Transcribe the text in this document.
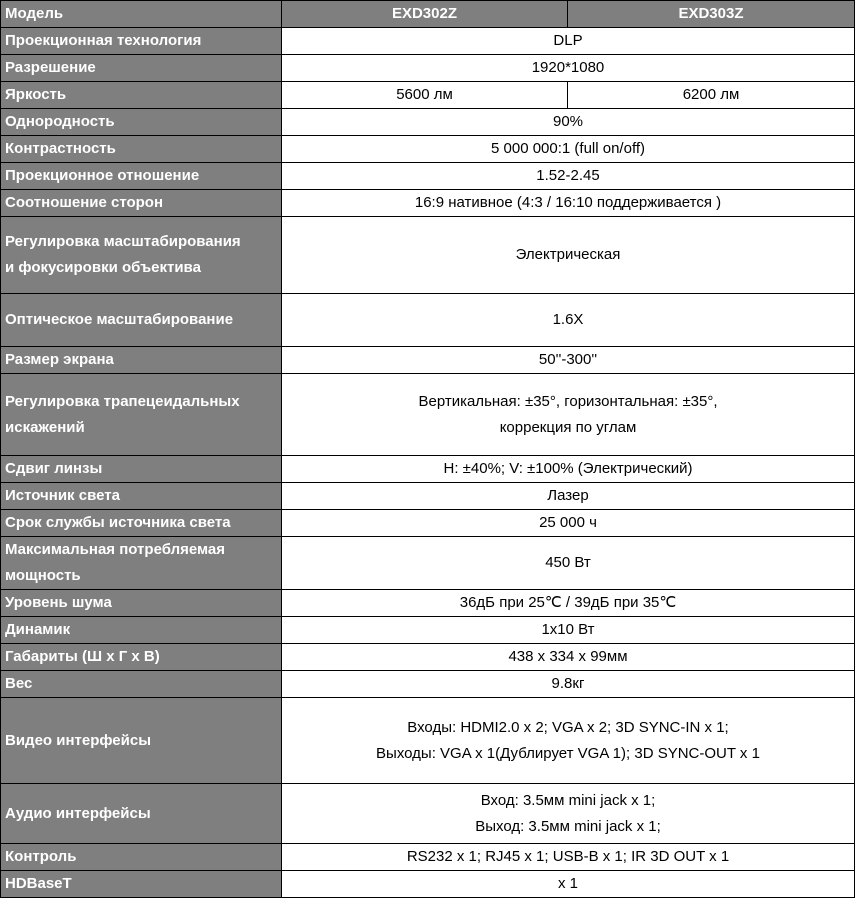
Модель	EXD302Z	EXD303Z
Проекционная технология	DLP	
Разрешение	1920*1080	
Яркость	5600 лм	6200 лм
Однородность	90%	
Контрастность	5 000 000:1 (full on/off)	
Проекционное отношение	1.52-2.45	
Соотношение сторон	16:9 нативное (4:3 / 16:10 поддерживается )	
Регулировка масштабирования
и фокусировки объектива	Электрическая	
Оптическое масштабирование	1.6X	
Размер экрана	50''-300''	
Регулировка трапецеидальных
искажений	Вертикальная: ±35°, горизонтальная: ±35°,
коррекция по углам	
Сдвиг линзы	H: ±40%; V: ±100% (Электрический)	
Источник света	Лазер	
Срок службы источника света	25 000 ч	
Максимальная потребляемая
мощность	450 Вт	
Уровень шума	36дБ при 25℃ / 39дБ при 35℃	
Динамик	1x10 Вт	
Габариты (Ш x Г x В)	438 x 334 x 99мм	
Вес	9.8кг	
Видео интерфейсы	Входы: HDMI2.0 x 2; VGA x 2; 3D SYNC-IN x 1;
Выходы: VGA x 1(Дублирует VGA 1); 3D SYNC-OUT x 1	
Аудио интерфейсы	Вход: 3.5мм mini jack x 1;
Выход: 3.5мм mini jack x 1;	
Контроль	RS232 x 1; RJ45 x 1; USB-B x 1; IR 3D OUT x 1	
HDBaseT	x 1	
